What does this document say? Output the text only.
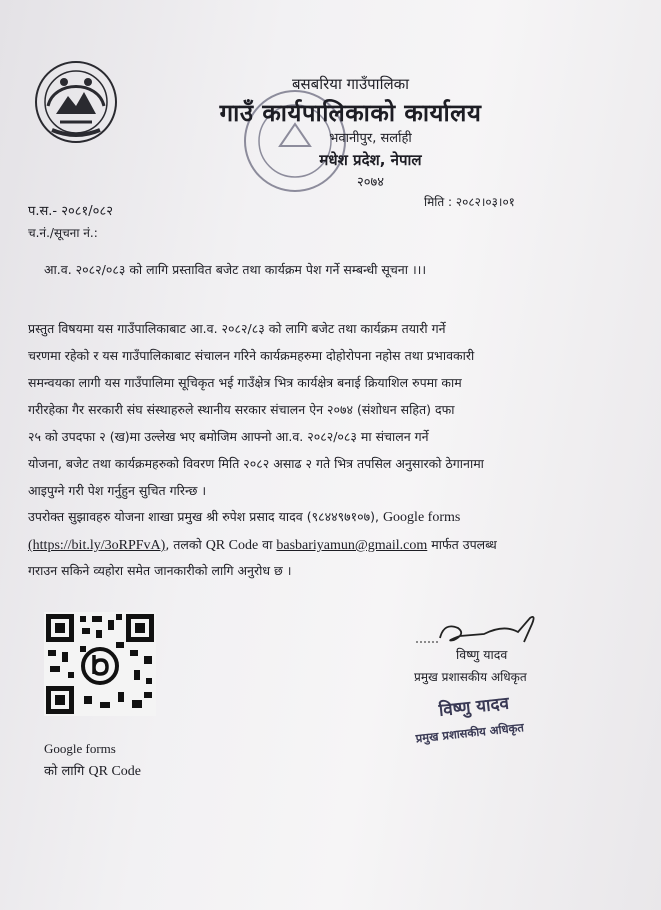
बसबरिया गाउँपालिका
गाउँ कार्यपालिकाको कार्यालय
भवानीपुर, सर्लाही
मधेश प्रदेश, नेपाल
२०७४
प.स.- २०८१/०८२
च.नं./सूचना नं.:
मिति : २०८२।०३।०१
आ.व. २०८२/०८३ को लागि प्रस्तावित बजेट तथा कार्यक्रम पेश गर्ने सम्बन्धी सूचना ।।।
प्रस्तुत विषयमा यस गाउँपालिकाबाट आ.व. २०८२/८३ को लागि बजेट तथा कार्यक्रम तयारी गर्ने
चरणमा रहेको र यस गाउँपालिकाबाट संचालन गरिने कार्यक्रमहरुमा दोहोरोपना नहोस तथा प्रभावकारी
समन्वयका लागी यस गाउँपालिमा सूचिकृत भई गाउँक्षेत्र भित्र कार्यक्षेत्र बनाई क्रियाशिल रुपमा काम
गरीरहेका गैर सरकारी संघ संस्थाहरुले स्थानीय सरकार संचालन ऐन २०७४ (संशोधन सहित) दफा
२५ को उपदफा २ (ख)मा उल्लेख भए बमोजिम आफ्नो आ.व. २०८२/०८३ मा संचालन गर्ने
योजना, बजेट तथा कार्यक्रमहरुको विवरण मिति २०८२ असाढ २ गते भित्र तपसिल अनुसारको ठेगानामा
आइपुग्ने गरी पेश गर्नुहुन सुचित गरिन्छ ।
उपरोक्त सुझावहरु योजना शाखा प्रमुख श्री रुपेश प्रसाद यादव (९८४४९७१०७), Google forms
(https://bit.ly/3oRPFvA), तलको QR Code वा basbariyamun@gmail.com मार्फत उपलब्ध
गराउन सकिने व्यहोरा समेत जानकारीको लागि अनुरोध छ ।
Google forms
को लागि QR Code
विष्णु यादव
प्रमुख प्रशासकीय अधिकृत
विष्णु यादव
प्रमुख प्रशासकीय अधिकृत
